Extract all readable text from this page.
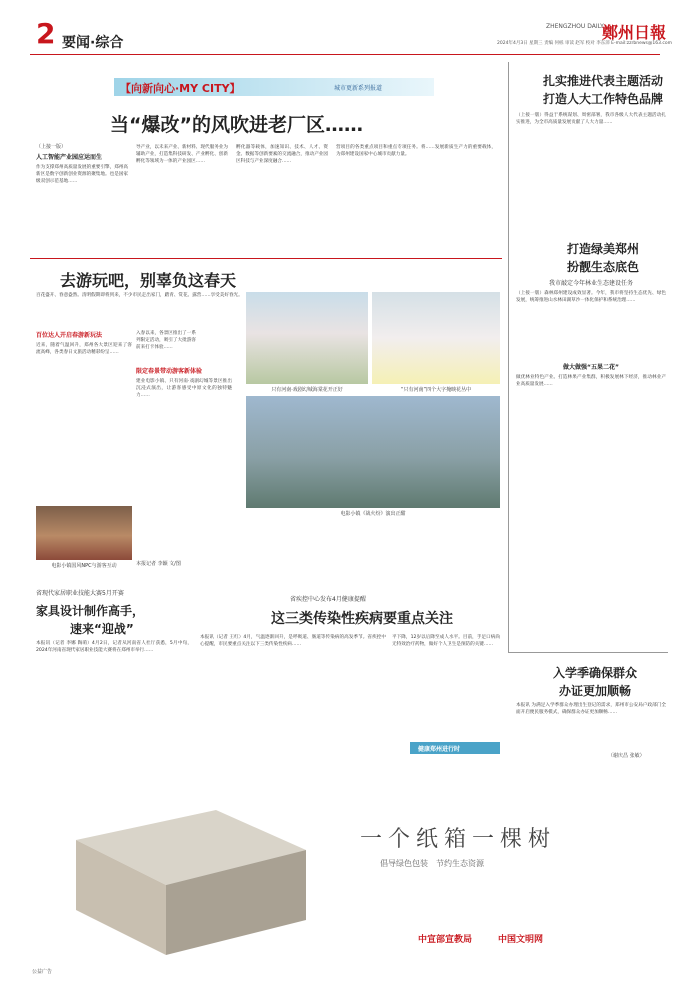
2 要闻·综合
ZHENGZHOU DAILY
鄭州日報
2024年4月3日 星期三 责编 何栎 审读 赵军 校对 李东沛 E-mail:zzrbnews@163.com
【向新向心·MY CITY】	城市更新系列报道
当“爆改”的风吹进老厂区……
（上接一版）
人工智能产业园应运而生
作为支撑郑州高质量发展的重要引擎，郑州高新区是数字创新创业资源的聚集地。也是国家级双创示范基地……
导产业，以未来产业、新材料、现代服务业为辅助产业，打造集科技研发、产业孵化、创新孵化等领域为一体的产业园区……
孵化器等载体，加速知识、技术、人才、资金、数据等创新要素的交流融合，推动产业园区科技与产业深度融合……
营项目的各类重点项目和重点专项任务。将……发展新质生产力的重要载体，为郑州建设国家中心城市贡献力量。
扎实推进代表主题活动
打造人大工作特色品牌
（上接一版）得益于系统谋划、周密部署，我市各级人大代表主题活动扎实推进，为全市高质量发展贡献了人大力量……
打造绿美郑州
扮靓生态底色
我市敲定今年林业生态建设任务
（上接一版）森林郑州建设成效显著。今年，我市将坚持生态优先、绿色发展，统筹推进山水林田湖草沙一体化保护和系统治理……
做大做强“五果二花”
做优林业特色产业。打造林果产业集群，积极发展林下经济，推动林业产业高质量发展……
去游玩吧，别辜负这春天
百花盛开、春意盎然。清明假期即将到来，不少市民走出家门，踏青、赏花、露营……享受美好春光。
百位达人开启春游新玩法
近来，随着气温回升，郑州各大景区迎来了客流高峰，各类春日文旅活动精彩纷呈……
限定春景带动游客新体验
入春以来，各景区推出了一系列限定活动，吸引了大批游客前来打卡体验……
建业电影小镇、只有河南·戏剧幻城等景区推出沉浸式演出，让游客感受中原文化的独特魅力……
只有河南·戏剧幻城海棠花开正好	“只有河南”四个大字掩映花丛中
电影小镇国风NPC与游客互动
电影小镇《战火纷》演出正酣
本报记者 李颖 文/图
省现代家居职业技能大赛5月开赛
家具设计制作高手，
速来“迎战”
本报讯（记者 李娜 陶萌）4月2日，记者从河南省人社厅获悉，5月中旬，2024年河南省现代家居职业技能大赛将在郑州市举行……
省疾控中心发布4月健康提醒
这三类传染性疾病要重点关注
本报讯（记者 王红）4月，气温逐渐回升，是呼吸道、肠道等传染病的高发季节。省疾控中心提醒，市民要重点关注以下三类传染性疾病……
平下降，12岁以后降至成人水平。目前，手足口病尚无特效治疗药物，做好个人卫生是预防的关键……
健康郑州进行时
入学季确保群众
办证更加顺畅
本报讯 为满足入学季群众办理出生登记的需求，郑州市公安局户政部门全面开启便民服务模式，确保群众办证更加顺畅……
（谢庆昌 张敏）
一个纸箱一棵树
倡导绿色包装　节约生态资源
中宣部宣教局	中国文明网
公益广告
